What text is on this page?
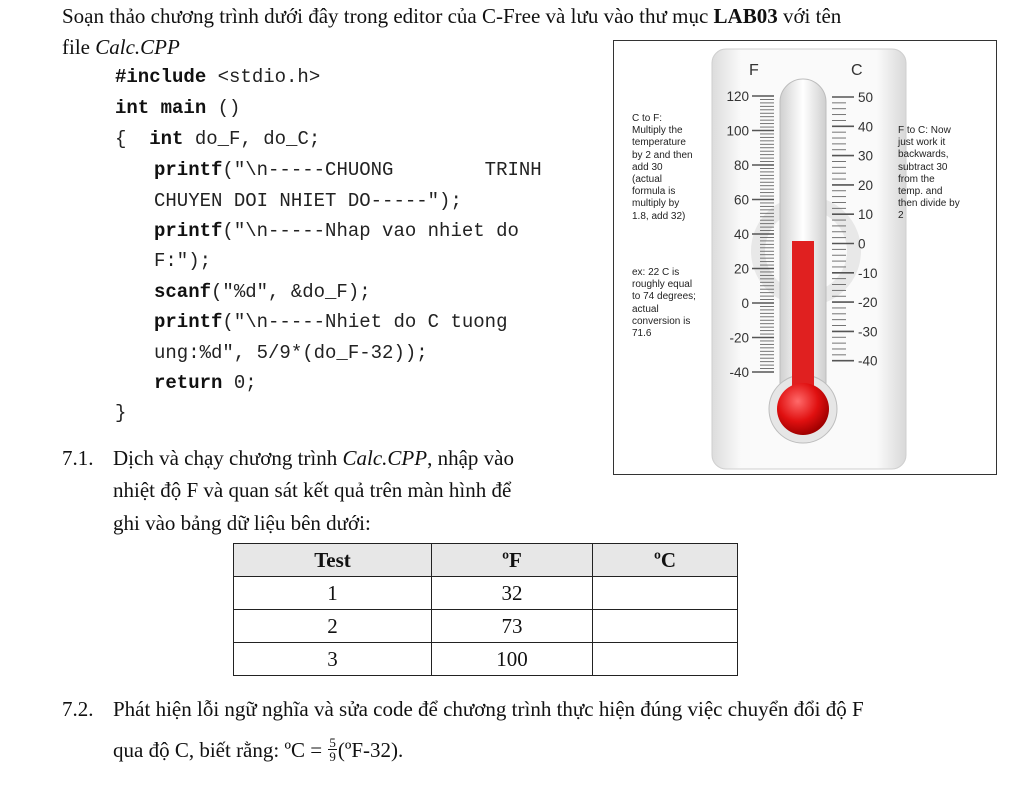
Soạn thảo chương trình dưới đây trong editor của C-Free và lưu vào thư mục LAB03 với tên
file Calc.CPP
#include <stdio.h>
int main ()
{  int do_F, do_C;
printf("\n-----CHUONG        TRINH
CHUYEN DOI NHIET DO-----");
printf("\n-----Nhap vao nhiet do
F:");
scanf("%d", &do_F);
printf("\n-----Nhiet do C tuong
ung:%d", 5/9*(do_F-32));
return 0;
}
F	C
120
100
80
60
40
20
0
-20
-40
50
40
30
20
10
0
-10
-20
-30
-40
C to F:
Multiply the
temperature
by 2 and then
add 30
(actual
formula is
multiply by
1.8, add 32)
ex: 22 C is
roughly equal
to 74 degrees;
actual
conversion is
71.6
F to C: Now
just work it
backwards,
subtract 30
from the
temp. and
then divide by
2
7.1. Dịch và chạy chương trình Calc.CPP, nhập vào
nhiệt độ F và quan sát kết quả trên màn hình để
ghi vào bảng dữ liệu bên dưới:
Test	ºF	ºC
1	32	
2	73	
3	100	
7.2. Phát hiện lỗi ngữ nghĩa và sửa code để chương trình thực hiện đúng việc chuyển đổi độ F
qua độ C, biết rằng: ºC = $\frac{5}{9}$ (ºF-32).
